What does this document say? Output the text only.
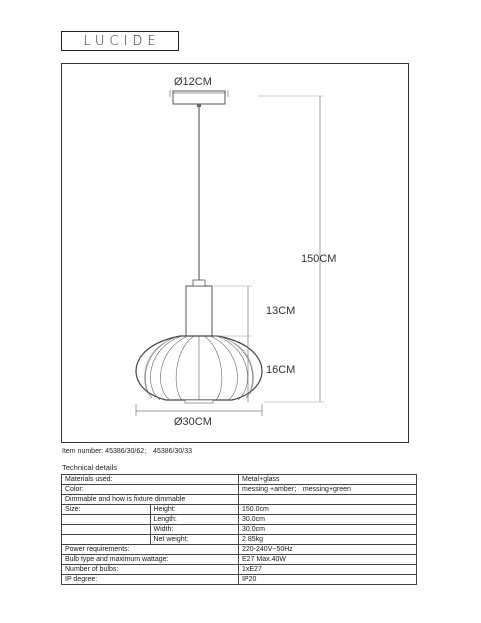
LUCIDE
Ø12CM
Ø30CM
150CM
13CM
16CM
Item number: 45386/30/62； 45386/30/33
Technical details
Materials used:		Metal+glass
Color:		messing +amber； messing+green
Dimmable and how is fixture dimmable		
Size:	Height:	150.0cm
	Length:	30.0cm
	Width:	30.0cm
	Net weight:	2.85kg
Power requirements:		220-240V~50Hz
Bulb type and maximum wattage:		E27 Max.40W
Number of bulbs:		1xE27
IP degree:		IP20
